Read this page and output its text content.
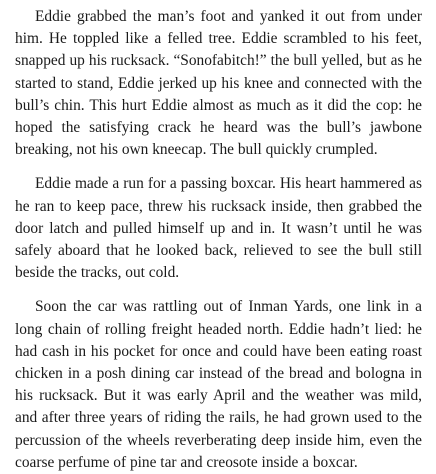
Eddie grabbed the man’s foot and yanked it out from under him. He toppled like a felled tree. Eddie scrambled to his feet, snapped up his rucksack. “Sonofabitch!” the bull yelled, but as he started to stand, Eddie jerked up his knee and connected with the bull’s chin. This hurt Eddie almost as much as it did the cop: he hoped the satisfying crack he heard was the bull’s jawbone breaking, not his own kneecap. The bull quickly crumpled.

Eddie made a run for a passing boxcar. His heart hammered as he ran to keep pace, threw his rucksack inside, then grabbed the door latch and pulled himself up and in. It wasn’t until he was safely aboard that he looked back, relieved to see the bull still beside the tracks, out cold.

Soon the car was rattling out of Inman Yards, one link in a long chain of rolling freight headed north. Eddie hadn’t lied: he had cash in his pocket for once and could have been eating roast chicken in a posh dining car instead of the bread and bologna in his rucksack. But it was early April and the weather was mild, and after three years of riding the rails, he had grown used to the percussion of the wheels reverberating deep inside him, even the coarse perfume of pine tar and creosote inside a boxcar.
